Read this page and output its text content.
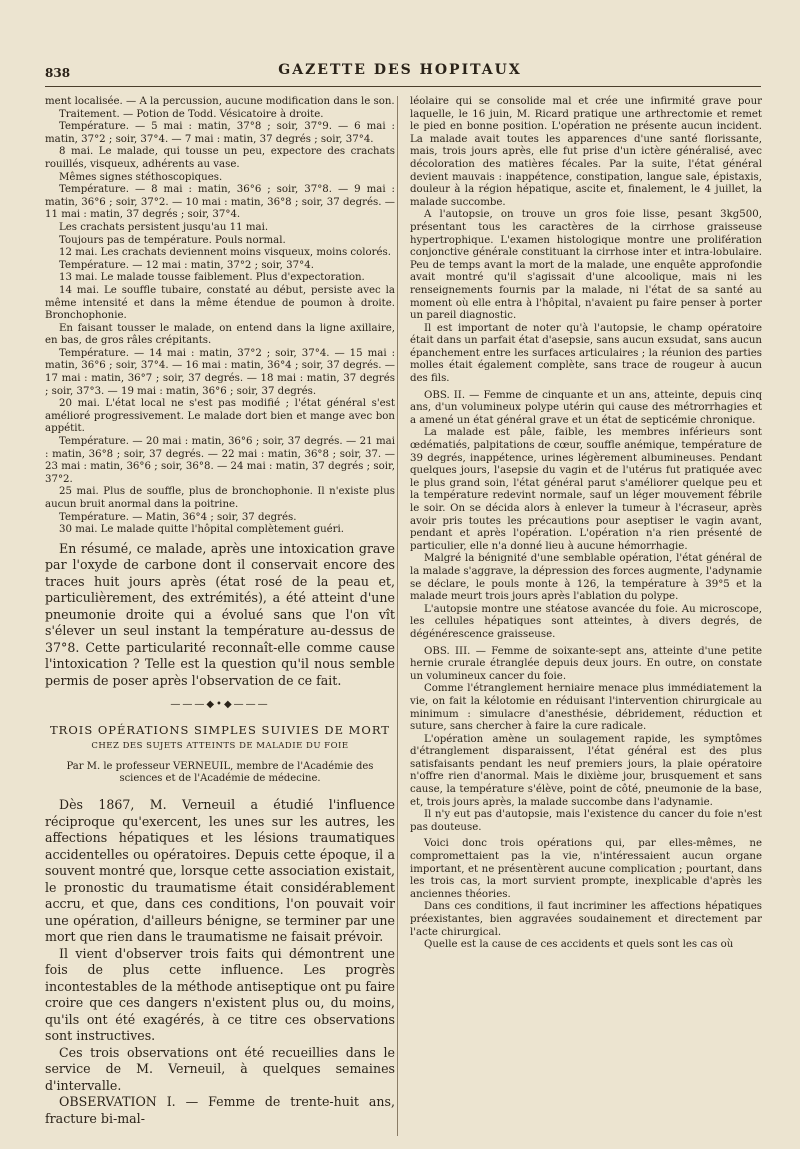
838	GAZETTE DES HOPITAUX

ment localisée. — A la percussion, aucune modification dans le son.

Traitement. — Potion de Todd. Vésicatoire à droite.

Température. — 5 mai : matin, 37°8 ; soir, 37°9. — 6 mai : matin, 37°2 ; soir, 37°4. — 7 mai : matin, 37 degrés ; soir, 37°4.

8 mai. Le malade, qui tousse un peu, expectore des crachats rouillés, visqueux, adhérents au vase.

Mêmes signes stéthoscopiques.

Température. — 8 mai : matin, 36°6 ; soir, 37°8. — 9 mai : matin, 36°6 ; soir, 37°2. — 10 mai : matin, 36°8 ; soir, 37 degrés. — 11 mai : matin, 37 degrés ; soir, 37°4.

Les crachats persistent jusqu'au 11 mai.

Toujours pas de température. Pouls normal.

12 mai. Les crachats deviennent moins visqueux, moins colorés.

Température. — 12 mai : matin, 37°2 ; soir, 37°4.

13 mai. Le malade tousse faiblement. Plus d'expectoration.

14 mai. Le souffle tubaire, constaté au début, persiste avec la même intensité et dans la même étendue de poumon à droite. Bronchophonie.

En faisant tousser le malade, on entend dans la ligne axillaire, en bas, de gros râles crépitants.

Température. — 14 mai : matin, 37°2 ; soir, 37°4. — 15 mai : matin, 36°6 ; soir, 37°4. — 16 mai : matin, 36°4 ; soir, 37 degrés. — 17 mai : matin, 36°7 ; soir, 37 degrés. — 18 mai : matin, 37 degrés ; soir, 37°3. — 19 mai : matin, 36°6 ; soir, 37 degrés.

20 mai. L'état local ne s'est pas modifié ; l'état général s'est amélioré progressivement. Le malade dort bien et mange avec bon appétit.

Température. — 20 mai : matin, 36°6 ; soir, 37 degrés. — 21 mai : matin, 36°8 ; soir, 37 degrés. — 22 mai : matin, 36°8 ; soir, 37. — 23 mai : matin, 36°6 ; soir, 36°8. — 24 mai : matin, 37 degrés ; soir, 37°2.

25 mai. Plus de souffle, plus de bronchophonie. Il n'existe plus aucun bruit anormal dans la poitrine.

Température. — Matin, 36°4 ; soir, 37 degrés.

30 mai. Le malade quitte l'hôpital complètement guéri.

En résumé, ce malade, après une intoxication grave par l'oxyde de carbone dont il conservait encore des traces huit jours après (état rosé de la peau et, particulièrement, des extrémités), a été atteint d'une pneumonie droite qui a évolué sans que l'on vît s'élever un seul instant la température au-dessus de 37°8. Cette particularité reconnaît-elle comme cause l'intoxication ? Telle est la question qu'il nous semble permis de poser après l'observation de ce fait.

———◆•◆———
TROIS OPÉRATIONS SIMPLES SUIVIES DE MORT
CHEZ DES SUJETS ATTEINTS DE MALADIE DU FOIE
Par M. le professeur VERNEUIL, membre de l'Académie des sciences et de l'Académie de médecine.

Dès 1867, M. Verneuil a étudié l'influence réciproque qu'exercent, les unes sur les autres, les affections hépatiques et les lésions traumatiques accidentelles ou opératoires. Depuis cette époque, il a souvent montré que, lorsque cette association existait, le pronostic du traumatisme était considérablement accru, et que, dans ces conditions, l'on pouvait voir une opération, d'ailleurs bénigne, se terminer par une mort que rien dans le traumatisme ne faisait prévoir.

Il vient d'observer trois faits qui démontrent une fois de plus cette influence. Les progrès incontestables de la méthode antiseptique ont pu faire croire que ces dangers n'existent plus ou, du moins, qu'ils ont été exagérés, à ce titre ces observations sont instructives.

Ces trois observations ont été recueillies dans le service de M. Verneuil, à quelques semaines d'intervalle.

OBSERVATION I. — Femme de trente-huit ans, fracture bi-mal-

léolaire qui se consolide mal et crée une infirmité grave pour laquelle, le 16 juin, M. Ricard pratique une arthrectomie et remet le pied en bonne position. L'opération ne présente aucun incident. La malade avait toutes les apparences d'une santé florissante, mais, trois jours après, elle fut prise d'un ictère généralisé, avec décoloration des matières fécales. Par la suite, l'état général devient mauvais : inappétence, constipation, langue sale, épistaxis, douleur à la région hépatique, ascite et, finalement, le 4 juillet, la malade succombe.

A l'autopsie, on trouve un gros foie lisse, pesant 3kg500, présentant tous les caractères de la cirrhose graisseuse hypertrophique. L'examen histologique montre une prolifération conjonctive générale constituant la cirrhose inter et intra-lobulaire. Peu de temps avant la mort de la malade, une enquête approfondie avait montré qu'il s'agissait d'une alcoolique, mais ni les renseignements fournis par la malade, ni l'état de sa santé au moment où elle entra à l'hôpital, n'avaient pu faire penser à porter un pareil diagnostic.

Il est important de noter qu'à l'autopsie, le champ opératoire était dans un parfait état d'asepsie, sans aucun exsudat, sans aucun épanchement entre les surfaces articulaires ; la réunion des parties molles était également complète, sans trace de rougeur à aucun des fils.

OBS. II. — Femme de cinquante et un ans, atteinte, depuis cinq ans, d'un volumineux polype utérin qui cause des métrorrhagies et a amené un état général grave et un état de septicémie chronique.

La malade est pâle, faible, les membres inférieurs sont œdématiés, palpitations de cœur, souffle anémique, température de 39 degrés, inappétence, urines légèrement albumineuses. Pendant quelques jours, l'asepsie du vagin et de l'utérus fut pratiquée avec le plus grand soin, l'état général parut s'améliorer quelque peu et la température redevint normale, sauf un léger mouvement fébrile le soir. On se décida alors à enlever la tumeur à l'écraseur, après avoir pris toutes les précautions pour aseptiser le vagin avant, pendant et après l'opération. L'opération n'a rien présenté de particulier, elle n'a donné lieu à aucune hémorrhagie.

Malgré la bénignité d'une semblable opération, l'état général de la malade s'aggrave, la dépression des forces augmente, l'adynamie se déclare, le pouls monte à 126, la température à 39°5 et la malade meurt trois jours après l'ablation du polype.

L'autopsie montre une stéatose avancée du foie. Au microscope, les cellules hépatiques sont atteintes, à divers degrés, de dégénérescence graisseuse.

OBS. III. — Femme de soixante-sept ans, atteinte d'une petite hernie crurale étranglée depuis deux jours. En outre, on constate un volumineux cancer du foie.

Comme l'étranglement herniaire menace plus immédiatement la vie, on fait la kélotomie en réduisant l'intervention chirurgicale au minimum : simulacre d'anesthésie, débridement, réduction et suture, sans chercher à faire la cure radicale.

L'opération amène un soulagement rapide, les symptômes d'étranglement disparaissent, l'état général est des plus satisfaisants pendant les neuf premiers jours, la plaie opératoire n'offre rien d'anormal. Mais le dixième jour, brusquement et sans cause, la température s'élève, point de côté, pneumonie de la base, et, trois jours après, la malade succombe dans l'adynamie.

Il n'y eut pas d'autopsie, mais l'existence du cancer du foie n'est pas douteuse.

Voici donc trois opérations qui, par elles-mêmes, ne compromettaient pas la vie, n'intéressaient aucun organe important, et ne présentèrent aucune complication ; pourtant, dans les trois cas, la mort survient prompte, inexplicable d'après les anciennes théories.

Dans ces conditions, il faut incriminer les affections hépatiques préexistantes, bien aggravées soudainement et directement par l'acte chirurgical.

Quelle est la cause de ces accidents et quels sont les cas où
